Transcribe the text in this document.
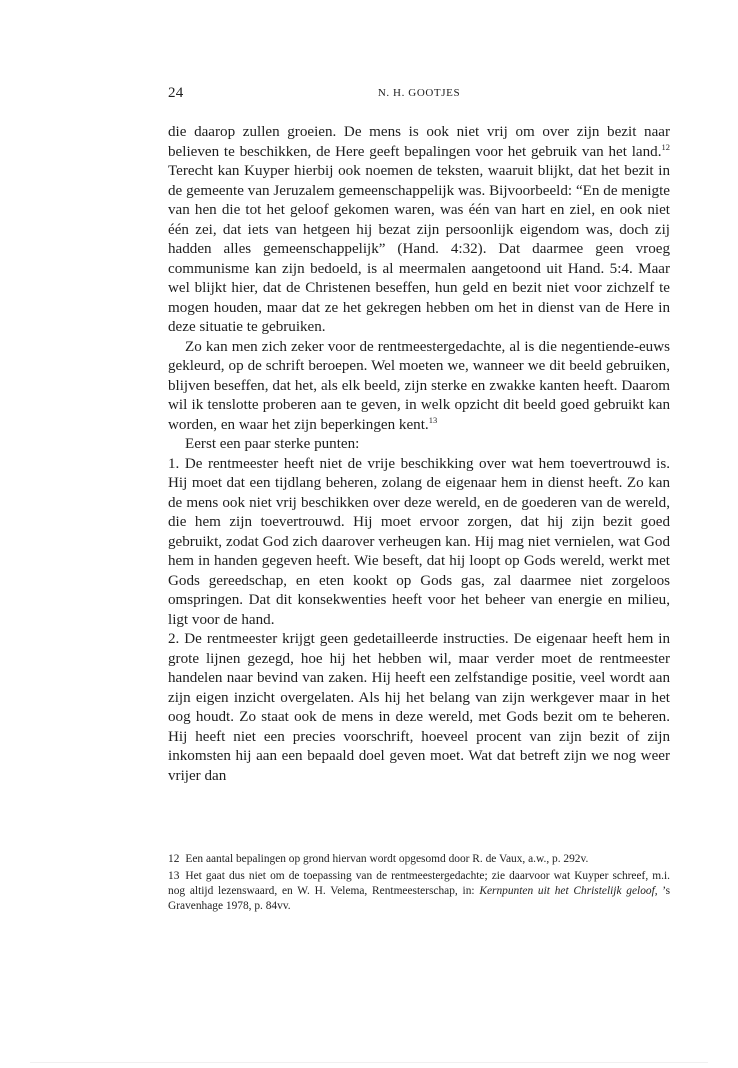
24	N. H. GOOTJES

die daarop zullen groeien. De mens is ook niet vrij om over zijn bezit naar believen te beschikken, de Here geeft bepalingen voor het gebruik van het land.$^{12}$ Terecht kan Kuyper hierbij ook noemen de teksten, waaruit blijkt, dat het bezit in de gemeente van Jeruzalem gemeenschappelijk was. Bijvoorbeeld: “En de menigte van hen die tot het geloof gekomen waren, was één van hart en ziel, en ook niet één zei, dat iets van hetgeen hij bezat zijn persoonlijk eigendom was, doch zij hadden alles gemeenschappelijk” (Hand. 4:32). Dat daarmee geen vroeg communisme kan zijn bedoeld, is al meermalen aangetoond uit Hand. 5:4. Maar wel blijkt hier, dat de Christenen beseffen, hun geld en bezit niet voor zichzelf te mogen houden, maar dat ze het gekregen hebben om het in dienst van de Here in deze situatie te gebruiken.

Zo kan men zich zeker voor de rentmeestergedachte, al is die negentiende-euws gekleurd, op de schrift beroepen. Wel moeten we, wanneer we dit beeld gebruiken, blijven beseffen, dat het, als elk beeld, zijn sterke en zwakke kanten heeft. Daarom wil ik tenslotte proberen aan te geven, in welk opzicht dit beeld goed gebruikt kan worden, en waar het zijn beperkingen kent.$^{13}$

Eerst een paar sterke punten:

1. De rentmeester heeft niet de vrije beschikking over wat hem toevertrouwd is. Hij moet dat een tijdlang beheren, zolang de eigenaar hem in dienst heeft. Zo kan de mens ook niet vrij beschikken over deze wereld, en de goederen van de wereld, die hem zijn toevertrouwd. Hij moet ervoor zorgen, dat hij zijn bezit goed gebruikt, zodat God zich daarover verheugen kan. Hij mag niet vernielen, wat God hem in handen gegeven heeft. Wie beseft, dat hij loopt op Gods wereld, werkt met Gods gereedschap, en eten kookt op Gods gas, zal daarmee niet zorgeloos omspringen. Dat dit konsekwenties heeft voor het beheer van energie en milieu, ligt voor de hand.

2. De rentmeester krijgt geen gedetailleerde instructies. De eigenaar heeft hem in grote lijnen gezegd, hoe hij het hebben wil, maar verder moet de rentmeester handelen naar bevind van zaken. Hij heeft een zelfstandige positie, veel wordt aan zijn eigen inzicht overgelaten. Als hij het belang van zijn werkgever maar in het oog houdt. Zo staat ook de mens in deze wereld, met Gods bezit om te beheren. Hij heeft niet een precies voorschrift, hoeveel procent van zijn bezit of zijn inkomsten hij aan een bepaald doel geven moet. Wat dat betreft zijn we nog weer vrijer dan

12 Een aantal bepalingen op grond hiervan wordt opgesomd door R. de Vaux, a.w., p. 292v.

13 Het gaat dus niet om de toepassing van de rentmeestergedachte; zie daarvoor wat Kuyper schreef, m.i. nog altijd lezenswaard, en W. H. Velema, Rentmeesterschap, in: Kernpunten uit het Christelijk geloof, ’s Gravenhage 1978, p. 84vv.
